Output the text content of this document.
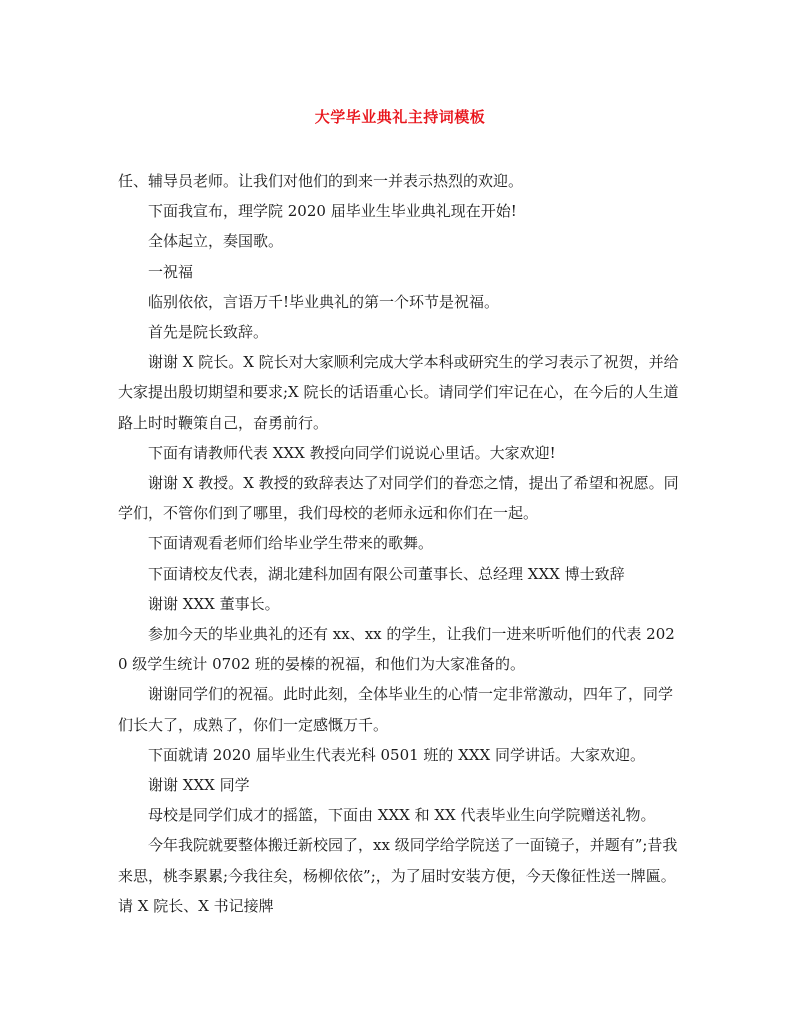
大学毕业典礼主持词模板

任、辅导员老师。让我们对他们的到来一并表示热烈的欢迎。

下面我宣布，理学院 2020 届毕业生毕业典礼现在开始!

全体起立，奏国歌。

一祝福

临别依依，言语万千!毕业典礼的第一个环节是祝福。

首先是院长致辞。

谢谢 X 院长。X 院长对大家顺利完成大学本科或研究生的学习表示了祝贺，并给大家提出殷切期望和要求;X 院长的话语重心长。请同学们牢记在心，在今后的人生道路上时时鞭策自己，奋勇前行。

下面有请教师代表 XXX 教授向同学们说说心里话。大家欢迎!

谢谢 X 教授。X 教授的致辞表达了对同学们的眷恋之情，提出了希望和祝愿。同学们，不管你们到了哪里，我们母校的老师永远和你们在一起。

下面请观看老师们给毕业学生带来的歌舞。

下面请校友代表，湖北建科加固有限公司董事长、总经理 XXX 博士致辞

谢谢 XXX 董事长。

参加今天的毕业典礼的还有 xx、xx 的学生，让我们一进来听听他们的代表 2020 级学生统计 0702 班的晏榛的祝福，和他们为大家准备的。

谢谢同学们的祝福。此时此刻，全体毕业生的心情一定非常激动，四年了，同学们长大了，成熟了，你们一定感慨万千。

下面就请 2020 届毕业生代表光科 0501 班的 XXX 同学讲话。大家欢迎。

谢谢 XXX 同学

母校是同学们成才的摇篮，下面由 XXX 和 XX 代表毕业生向学院赠送礼物。

今年我院就要整体搬迁新校园了，xx 级同学给学院送了一面镜子，并题有”;昔我来思，桃李累累;今我往矣，杨柳依依”;，为了届时安装方便，今天像征性送一牌匾。请 X 院长、X 书记接牌
